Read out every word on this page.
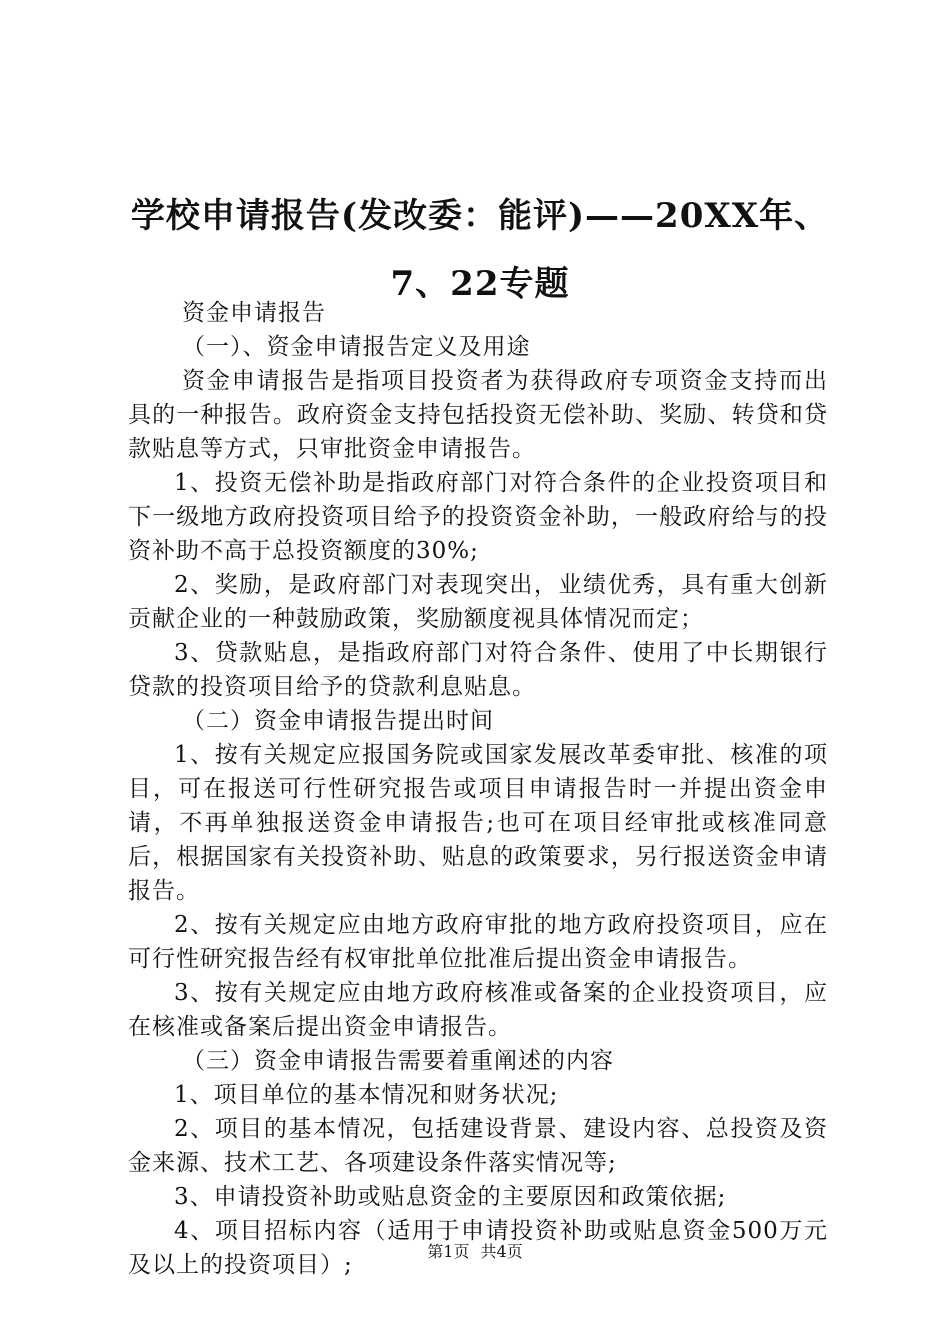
学校申请报告(发改委：能评)——20XX年、
7、22专题

资金申请报告

（一）、资金申请报告定义及用途

资金申请报告是指项目投资者为获得政府专项资金支持而出具的一种报告。政府资金支持包括投资无偿补助、奖励、转贷和贷款贴息等方式，只审批资金申请报告。

1、投资无偿补助是指政府部门对符合条件的企业投资项目和下一级地方政府投资项目给予的投资资金补助，一般政府给与的投资补助不高于总投资额度的30%;

2、奖励，是政府部门对表现突出，业绩优秀，具有重大创新贡献企业的一种鼓励政策，奖励额度视具体情况而定；

3、贷款贴息，是指政府部门对符合条件、使用了中长期银行贷款的投资项目给予的贷款利息贴息。

（二）资金申请报告提出时间

1、按有关规定应报国务院或国家发展改革委审批、核准的项目，可在报送可行性研究报告或项目申请报告时一并提出资金申请，不再单独报送资金申请报告;也可在项目经审批或核准同意后，根据国家有关投资补助、贴息的政策要求，另行报送资金申请报告。

2、按有关规定应由地方政府审批的地方政府投资项目，应在可行性研究报告经有权审批单位批准后提出资金申请报告。

3、按有关规定应由地方政府核准或备案的企业投资项目，应在核准或备案后提出资金申请报告。

（三）资金申请报告需要着重阐述的内容

1、项目单位的基本情况和财务状况;

2、项目的基本情况，包括建设背景、建设内容、总投资及资金来源、技术工艺、各项建设条件落实情况等;

3、申请投资补助或贴息资金的主要原因和政策依据;

4、项目招标内容（适用于申请投资补助或贴息资金500万元及以上的投资项目）;

第1页 共4页
